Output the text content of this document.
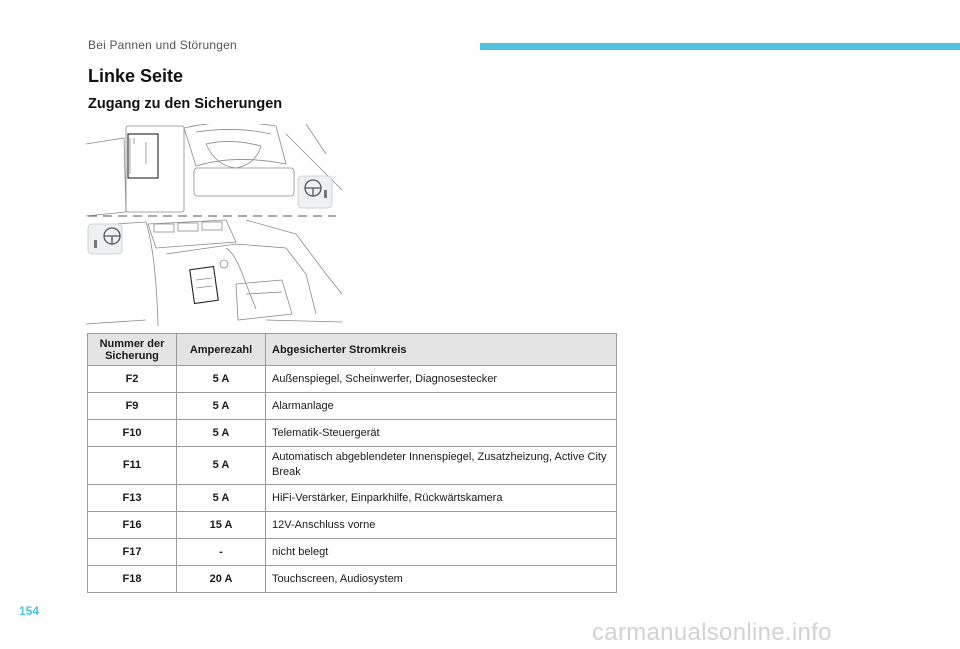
Bei Pannen und Störungen
Linke Seite
Zugang zu den Sicherungen
Nummer der Sicherung	Amperezahl	Abgesicherter Stromkreis
F2	5 A	Außenspiegel, Scheinwerfer, Diagnosestecker
F9	5 A	Alarmanlage
F10	5 A	Telematik-Steuergerät
F11	5 A	Automatisch abgeblendeter Innenspiegel, Zusatzheizung, Active City Break
F13	5 A	HiFi-Verstärker, Einparkhilfe, Rückwärtskamera
F16	15 A	12V-Anschluss vorne
F17	-	nicht belegt
F18	20 A	Touchscreen, Audiosystem
154
carmanualsonline.info
